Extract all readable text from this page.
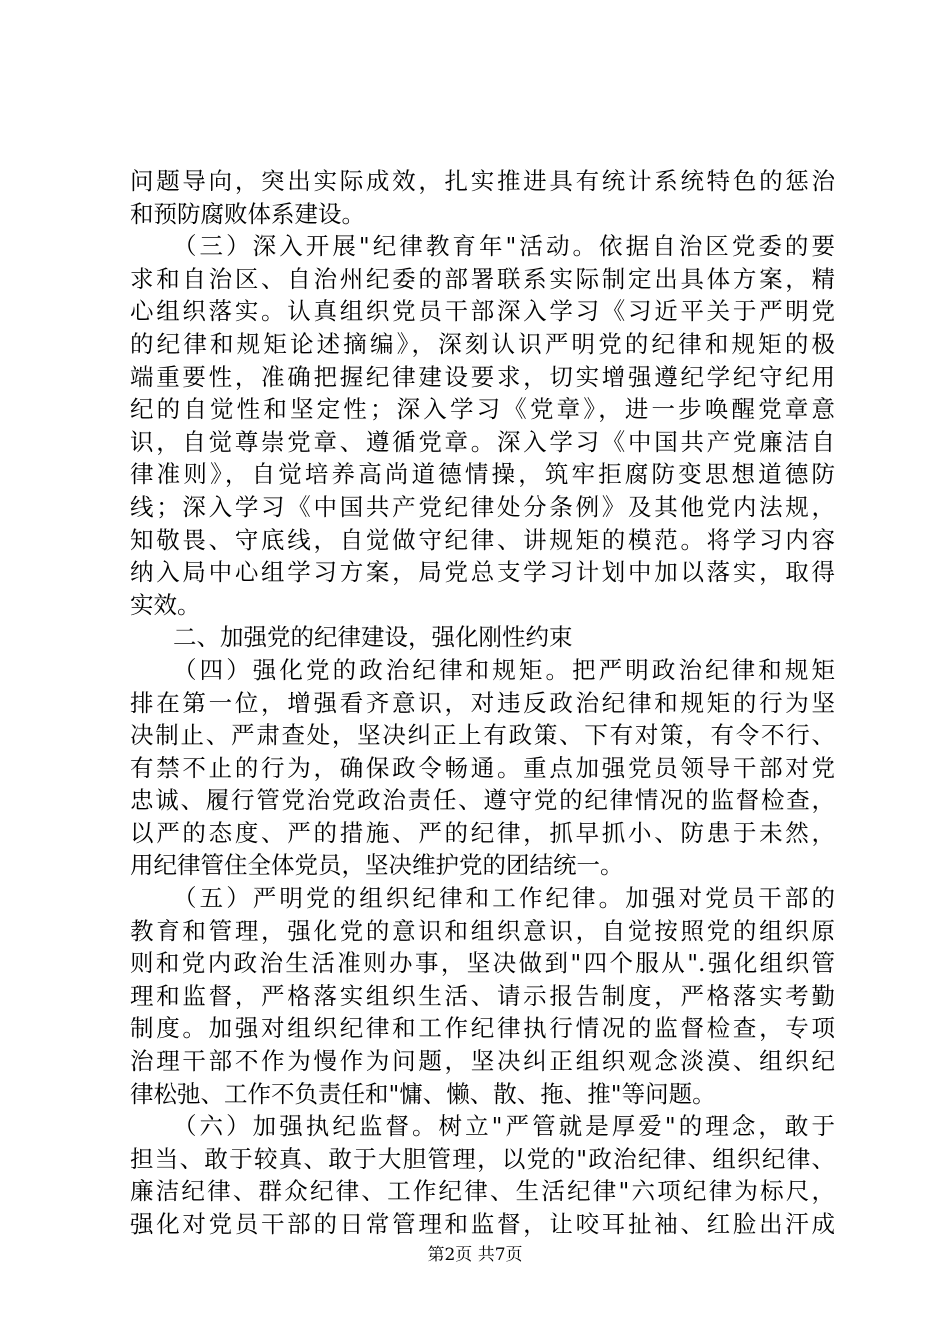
问题导向，突出实际成效，扎实推进具有统计系统特色的惩治
和预防腐败体系建设。
（三）深入开展"纪律教育年"活动。依据自治区党委的要
求和自治区、自治州纪委的部署联系实际制定出具体方案，精
心组织落实。认真组织党员干部深入学习《习近平关于严明党
的纪律和规矩论述摘编》，深刻认识严明党的纪律和规矩的极
端重要性，准确把握纪律建设要求，切实增强遵纪学纪守纪用
纪的自觉性和坚定性；深入学习《党章》，进一步唤醒党章意
识，自觉尊崇党章、遵循党章。深入学习《中国共产党廉洁自
律准则》，自觉培养高尚道德情操，筑牢拒腐防变思想道德防
线；深入学习《中国共产党纪律处分条例》及其他党内法规，
知敬畏、守底线，自觉做守纪律、讲规矩的模范。将学习内容
纳入局中心组学习方案，局党总支学习计划中加以落实，取得
实效。
二、加强党的纪律建设，强化刚性约束
（四）强化党的政治纪律和规矩。把严明政治纪律和规矩
排在第一位，增强看齐意识，对违反政治纪律和规矩的行为坚
决制止、严肃查处，坚决纠正上有政策、下有对策，有令不行、
有禁不止的行为，确保政令畅通。重点加强党员领导干部对党
忠诚、履行管党治党政治责任、遵守党的纪律情况的监督检查，
以严的态度、严的措施、严的纪律，抓早抓小、防患于未然，
用纪律管住全体党员，坚决维护党的团结统一。
（五）严明党的组织纪律和工作纪律。加强对党员干部的
教育和管理，强化党的意识和组织意识，自觉按照党的组织原
则和党内政治生活准则办事，坚决做到"四个服从".强化组织管
理和监督，严格落实组织生活、请示报告制度，严格落实考勤
制度。加强对组织纪律和工作纪律执行情况的监督检查，专项
治理干部不作为慢作为问题，坚决纠正组织观念淡漠、组织纪
律松弛、工作不负责任和"慵、懒、散、拖、推"等问题。
（六）加强执纪监督。树立"严管就是厚爱"的理念，敢于
担当、敢于较真、敢于大胆管理，以党的"政治纪律、组织纪律、
廉洁纪律、群众纪律、工作纪律、生活纪律"六项纪律为标尺，
强化对党员干部的日常管理和监督，让咬耳扯袖、红脸出汗成
第2页 共7页
